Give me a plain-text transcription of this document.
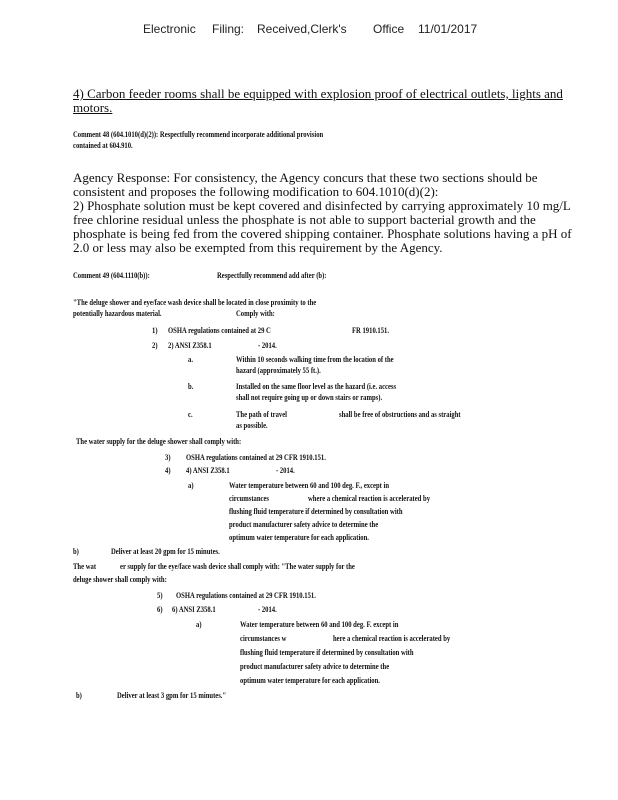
Electronic Filing: Received,Clerk's Office 11/01/2017

4) Carbon feeder rooms shall be equipped with explosion proof of electrical outlets, lights and

motors.

Comment 48 (604.1010(d)(2)): Respectfully recommend incorporate additional provision

contained at 604.910.

Agency Response: For consistency, the Agency concurs that these two sections should be

consistent and proposes the following modification to 604.1010(d)(2):

2) Phosphate solution must be kept covered and disinfected by carrying approximately 10 mg/L

free chlorine residual unless the phosphate is not able to support bacterial growth and the

phosphate is being fed from the covered shipping container. Phosphate solutions having a pH of

2.0 or less may also be exempted from this requirement by the Agency.

Comment 49 (604.1110(b)):	Respectfully recommend add after (b):

"The deluge shower and eye/face wash device shall be located in close proximity to the

potentially hazardous material.	Comply with:

1) OSHA regulations contained at 29 C	FR 1910.151.

2) 2) ANSI Z358.1	- 2014.

a.	Within 10 seconds walking time from the location of the

hazard (approximately 55 ft.).

b.	Installed on the same floor level as the hazard (i.e. access

shall not require going up or down stairs or ramps).

c.	The path of travel	shall be free of obstructions and as straight

as possible.

The water supply for the deluge shower shall comply with:

3) OSHA regulations contained at 29 CFR 1910.151.

4) 4) ANSI Z358.1	- 2014.

a)	Water temperature between 60 and 100 deg. F., except in

circumstances	where a chemical reaction is accelerated by

flushing fluid temperature if determined by consultation with

product manufacturer safety advice to determine the

optimum water temperature for each application.

b)	Deliver at least 20 gpm for 15 minutes.

The wat	er supply for the eye/face wash device shall comply with: "The water supply for the

deluge shower shall comply with:

5) OSHA regulations contained at 29 CFR 1910.151.

6) 6) ANSI Z358.1	- 2014.

a)	Water temperature between 60 and 100 deg. F. except in

circumstances w	here a chemical reaction is accelerated by

flushing fluid temperature if determined by consultation with

product manufacturer safety advice to determine the

optimum water temperature for each application.

b)	Deliver at least 3 gpm for 15 minutes."
